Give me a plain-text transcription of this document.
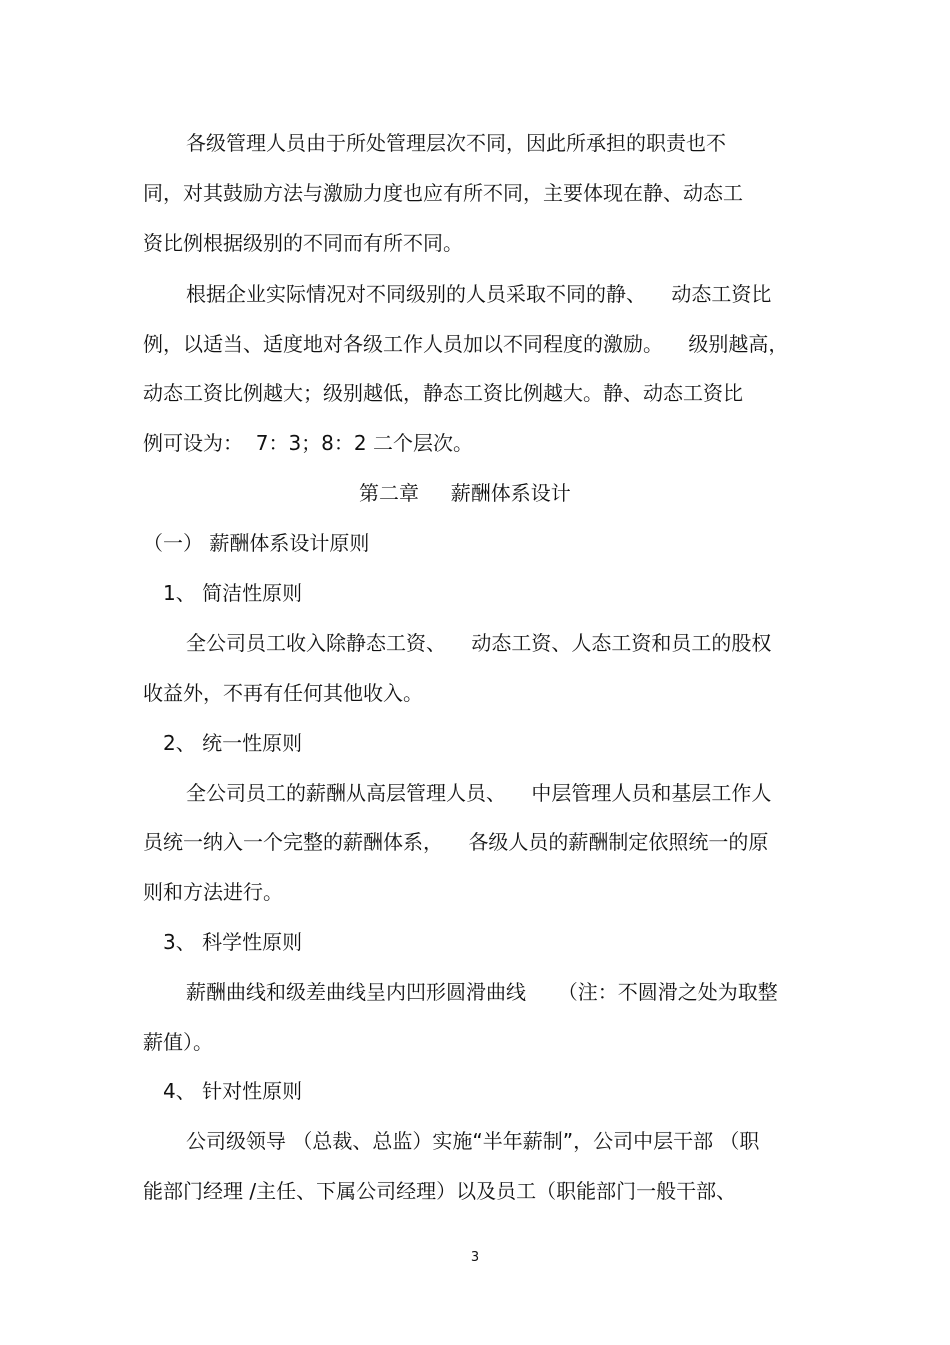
各级管理人员由于所处管理层次不同，因此所承担的职责也不
同，对其鼓励方法与激励力度也应有所不同，主要体现在静、动态工
资比例根据级别的不同而有所不同。
根据企业实际情况对不同级别的人员采取不同的静、    动态工资比
例，以适当、适度地对各级工作人员加以不同程度的激励。    级别越高，
动态工资比例越大；级别越低，静态工资比例越大。静、动态工资比
例可设为：  7：3；8：2 二个层次。
第二章     薪酬体系设计
（一） 薪酬体系设计原则
1、 简洁性原则
全公司员工收入除静态工资、    动态工资、人态工资和员工的股权
收益外，不再有任何其他收入。
2、 统一性原则
全公司员工的薪酬从高层管理人员、    中层管理人员和基层工作人
员统一纳入一个完整的薪酬体系，    各级人员的薪酬制定依照统一的原
则和方法进行。
3、 科学性原则
薪酬曲线和级差曲线呈内凹形圆滑曲线     （注：不圆滑之处为取整
薪值）。
4、 针对性原则
公司级领导 （总裁、总监）实施“半年薪制”，公司中层干部 （职
能部门经理 /主任、下属公司经理）以及员工（职能部门一般干部、
3
